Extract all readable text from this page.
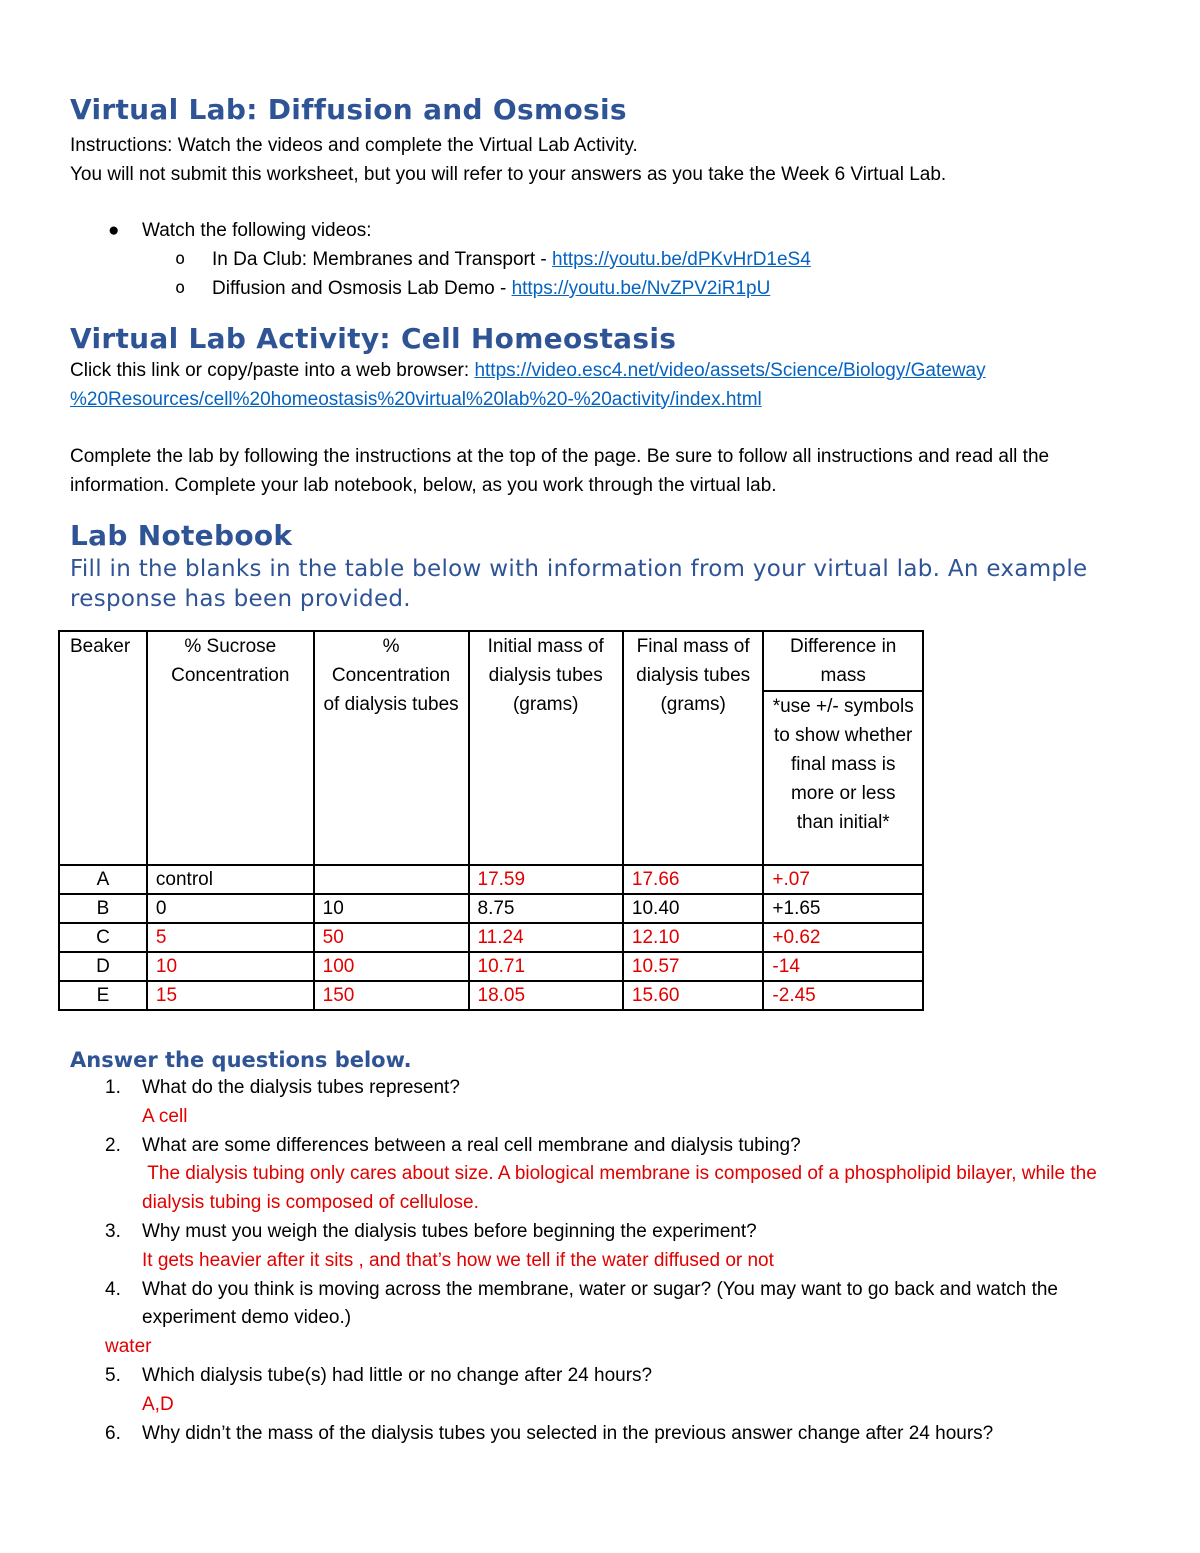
Virtual Lab: Diffusion and Osmosis

Instructions: Watch the videos and complete the Virtual Lab Activity.

You will not submit this worksheet, but you will refer to your answers as you take the Week 6 Virtual Lab.

● Watch the following videos:
o In Da Club: Membranes and Transport - https://youtu.be/dPKvHrD1eS4
o Diffusion and Osmosis Lab Demo - https://youtu.be/NvZPV2iR1pU
Virtual Lab Activity: Cell Homeostasis

Click this link or copy/paste into a web browser: https://video.esc4.net/video/assets/Science/Biology/Gateway
%20Resources/cell%20homeostasis%20virtual%20lab%20-%20activity/index.html

Complete the lab by following the instructions at the top of the page. Be sure to follow all instructions and read all the information. Complete your lab notebook, below, as you work through the virtual lab.

Lab Notebook

Fill in the blanks in the table below with information from your virtual lab. An example response has been provided.

Beaker	% Sucrose Concentration	% Concentration of dialysis tubes	Initial mass of dialysis tubes (grams)	Final mass of dialysis tubes (grams)	Difference in mass
					*use +/- symbols to show whether final mass is more or less than initial*
A	control		17.59	17.66	+.07
B	0	10	8.75	10.40	+1.65
C	5	50	11.24	12.10	+0.62
D	10	100	10.71	10.57	-14
E	15	150	18.05	15.60	-2.45
Answer the questions below.
1. What do the dialysis tubes represent?
A cell
2. What are some differences between a real cell membrane and dialysis tubing?
The dialysis tubing only cares about size. A biological membrane is composed of a phospholipid bilayer, while the dialysis tubing is composed of cellulose.
3. Why must you weigh the dialysis tubes before beginning the experiment?
It gets heavier after it sits , and that’s how we tell if the water diffused or not
4. What do you think is moving across the membrane, water or sugar? (You may want to go back and watch the experiment demo video.)
water
5. Which dialysis tube(s) had little or no change after 24 hours?
A,D
6. Why didn’t the mass of the dialysis tubes you selected in the previous answer change after 24 hours?
